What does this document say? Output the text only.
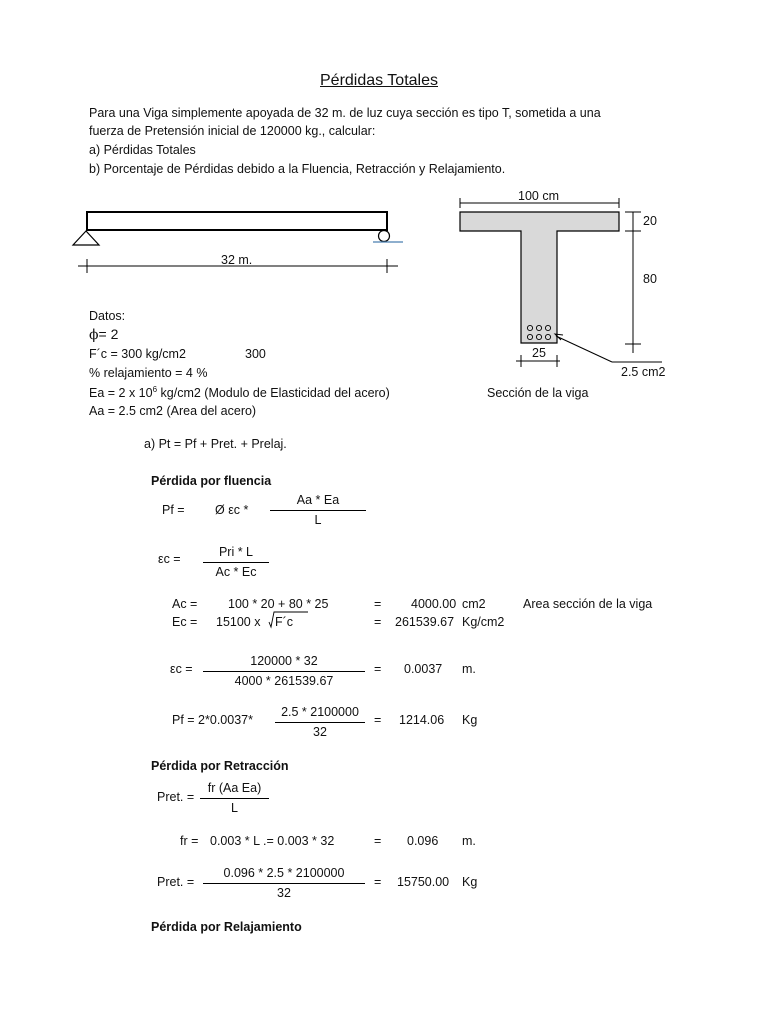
Pérdidas Totales
Para una Viga simplemente apoyada de 32 m. de luz cuya sección es tipo T, sometida a una
fuerza de Pretensión inicial de 120000 kg., calcular:
a) Pérdidas Totales
b) Porcentaje de Pérdidas debido a la Fluencia, Retracción y Relajamiento.
32 m.
100 cm
20
80
25
2.5 cm2
Sección de la viga
Datos:
ϕ= 2
F´c = 300 kg/cm2	300
% relajamiento = 4 %
Ea = 2 x $10^6$ kg/cm2 (Modulo de Elasticidad del acero)
Aa = 2.5 cm2 (Area del acero)
a) Pt = Pf + Pret. + Prelaj.
Pérdida por fluencia
Pf = Ø εc *
Aa * Ea
L
εc =	Pri * L
Ac * Ec
Ac = 100 * 20 + 80 * 25	= 4000.00 cm2	Area sección de la viga
Ec = 15100 x F´c	= 261539.67 Kg/cm2
εc =
120000 * 32
4000 * 261539.67
= 0.0037 m.
Pf = 2*0.0037*
2.5 * 2100000
32
= 1214.06 Kg
Pérdida por Retracción
Pret. =
fr (Aa Ea)
L
fr = 0.003 * L .= 0.003 * 32	= 0.096 m.
Pret. =
0.096 * 2.5 * 2100000
32
= 15750.00 Kg
Pérdida por Relajamiento
